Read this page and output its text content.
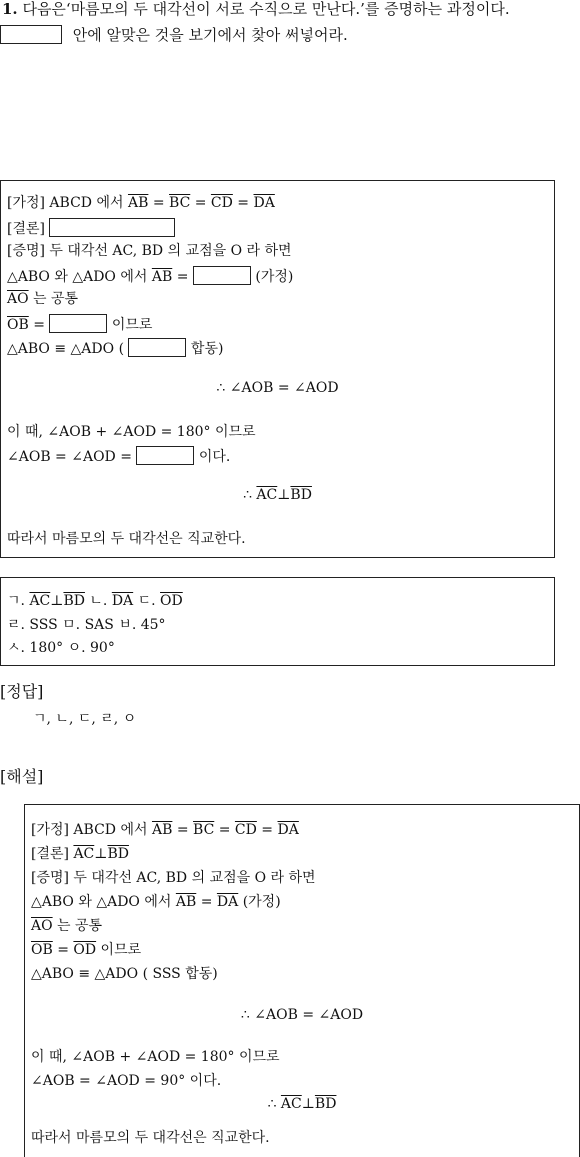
1. 다음은‘마름모의 두 대각선이 서로 수직으로 만난다.’를 증명하는 과정이다.
안에 알맞은 것을 보기에서 찾아 써넣어라.
[가정] ABCD 에서 $\overline{AB} = \overline{BC} = \overline{CD} = \overline{DA}$
[결론]
[증명] 두 대각선 AC, BD 의 교점을 O 라 하면
△ABO 와 △ADO 에서 $\overline{AB}$ =	(가정)
$\overline{AO}$ 는 공통
$\overline{OB}$ =	이므로
△ABO ≡ △ADO (	합동)
∴ ∠AOB = ∠AOD
이 때, ∠AOB + ∠AOD = 180° 이므로
∠AOB = ∠AOD =	이다.
∴ $\overline{AC}\perp\overline{BD}$
따라서 마름모의 두 대각선은 직교한다.
ㄱ. $\overline{AC}\perp\overline{BD}$ ㄴ. $\overline{DA}$ ㄷ. $\overline{OD}$
ㄹ. SSS ㅁ. SAS ㅂ. 45°
ㅅ. 180° ㅇ. 90°
[정답]
ㄱ, ㄴ, ㄷ, ㄹ, ㅇ
[해설]
[가정] ABCD 에서 $\overline{AB} = \overline{BC} = \overline{CD} = \overline{DA}$
[결론] $\overline{AC}\perp\overline{BD}$
[증명] 두 대각선 AC, BD 의 교점을 O 라 하면
△ABO 와 △ADO 에서 $\overline{AB} = \overline{DA}$ (가정)
$\overline{AO}$ 는 공통
$\overline{OB} = \overline{OD}$ 이므로
△ABO ≡ △ADO ( SSS 합동)
∴ ∠AOB = ∠AOD
이 때, ∠AOB + ∠AOD = 180° 이므로
∠AOB = ∠AOD = 90° 이다.
∴ $\overline{AC}\perp\overline{BD}$
따라서 마름모의 두 대각선은 직교한다.
